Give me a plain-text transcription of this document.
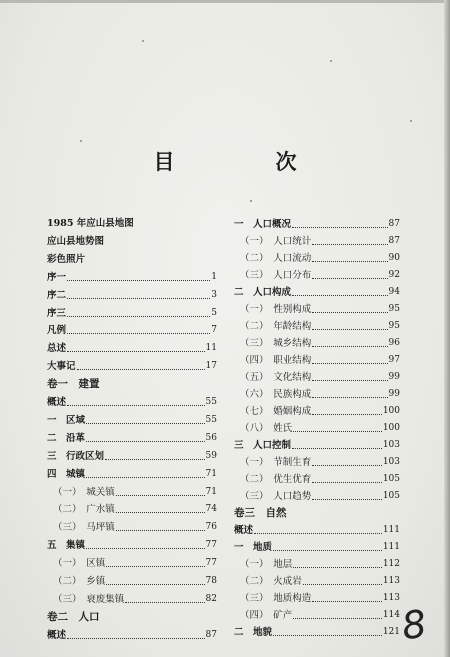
目　次
1985 年应山县地图
应山县地势图
彩色照片
序一	1
序二	3
序三	5
凡例	7
总述	11
大事记	17
卷一　建置
概述	55
一　区域	55
二　沿革	56
三　行政区划	59
四　城镇	71
（一）　城关镇	71
（二）　广水镇	74
（三）　马坪镇	76
五　集镇	77
（一）　区镇	77
（二）　乡镇	78
（三）　衰废集镇	82
卷二　人口
概述	87
一　人口概况	87
（一）　人口统计	87
（二）　人口流动	90
（三）　人口分布	92
二　人口构成	94
（一）　性别构成	95
（二）　年龄结构	95
（三）　城乡结构	96
（四）　职业结构	97
（五）　文化结构	99
（六）　民族构成	99
（七）　婚姻构成	100
（八）　姓氏	100
三　人口控制	103
（一）　节制生育	103
（二）　优生优育	105
（三）　人口趋势	105
卷三　自然
概述	111
一　地质	111
（一）　地层	112
（二）　火成岩	113
（三）　地质构造	113
（四）　矿产	114
二　地貌	121
8
